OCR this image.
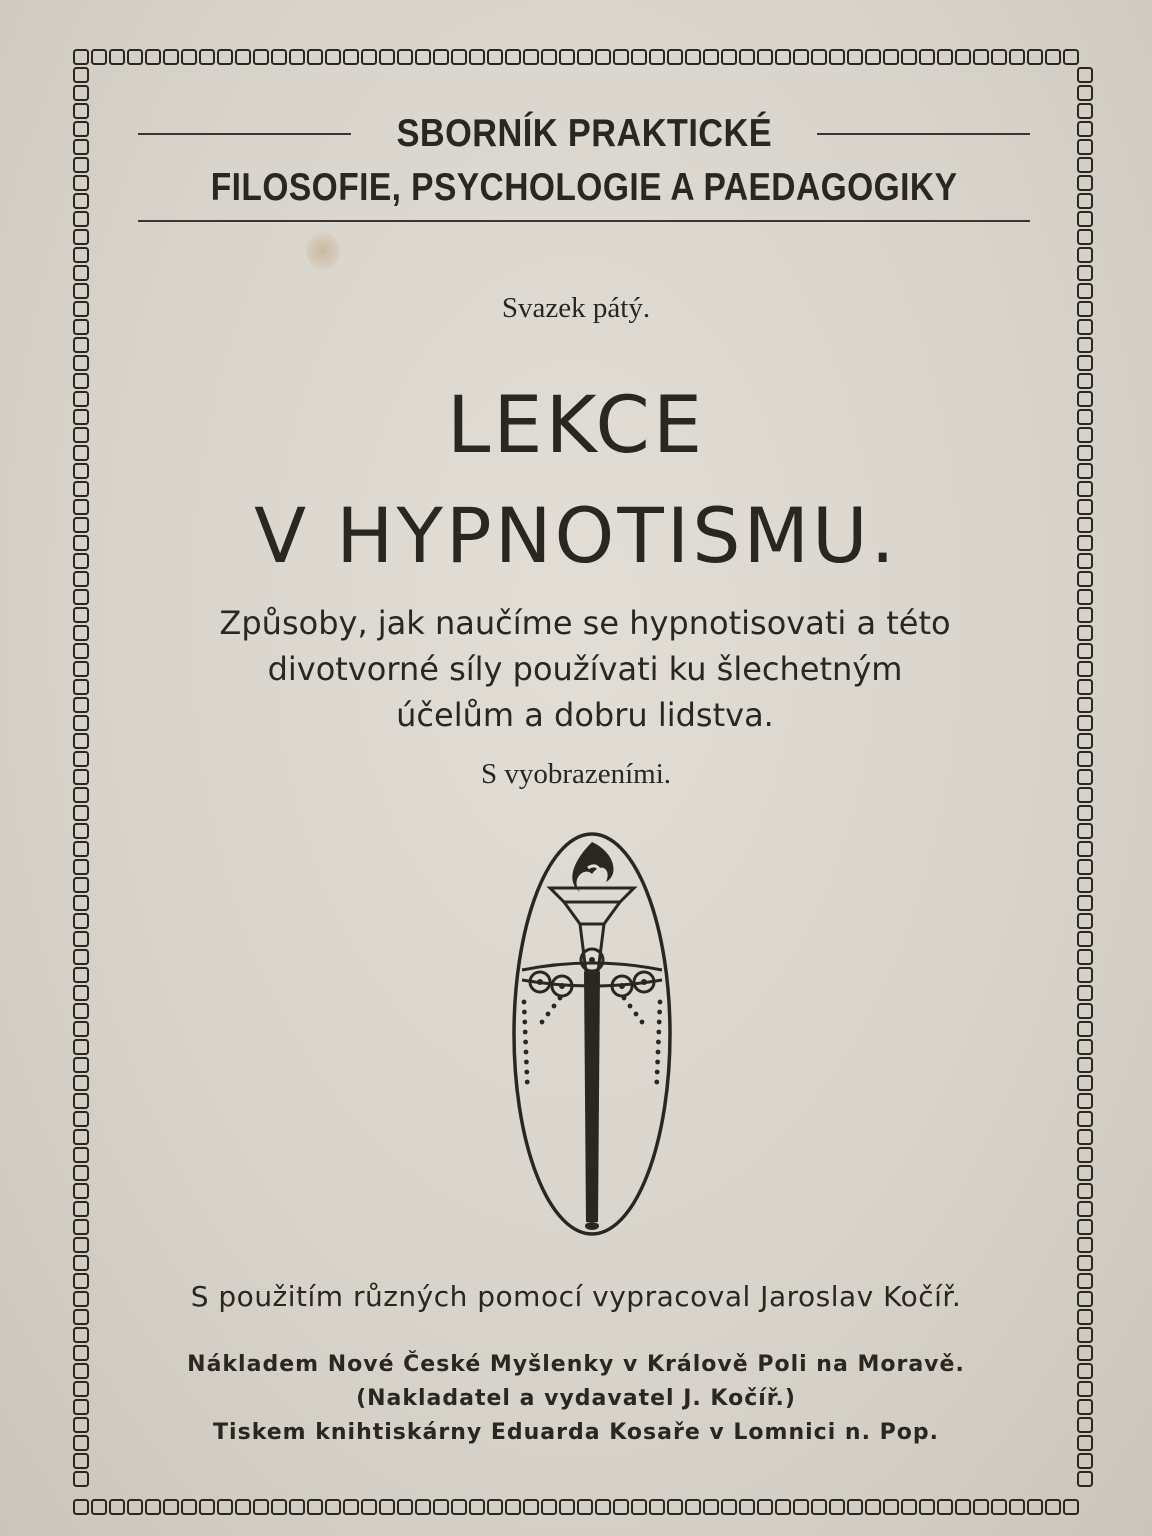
SBORNÍK PRAKTICKÉ
FILOSOFIE, PSYCHOLOGIE A PAEDAGOGIKY
Svazek pátý.
LEKCE
V HYPNOTISMU.
Způsoby, jak naučíme se hypnotisovati a této
divotvorné síly používati ku šlechetným
účelům a dobru lidstva.
S vyobrazeními.
S použitím různých pomocí vypracoval Jaroslav Kočíř.
Nákladem Nové České Myšlenky v Králově Poli na Moravě.
(Nakladatel a vydavatel J. Kočíř.)
Tiskem knihtiskárny Eduarda Kosaře v Lomnici n. Pop.
